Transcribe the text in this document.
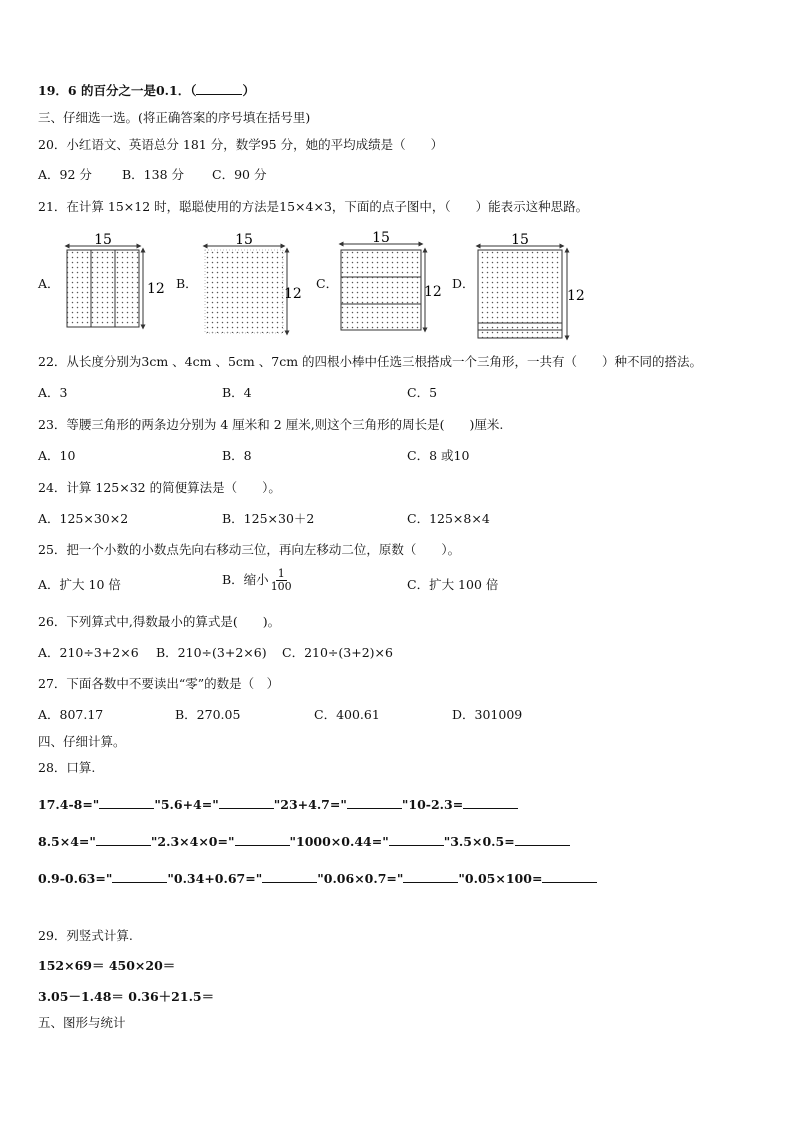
19．6 的百分之一是0.1．（	）
三、仔细选一选。(将正确答案的序号填在括号里)
20．小红语文、英语总分 181 分，数学95 分，她的平均成绩是（　　）
A．92 分 B．138 分 C．90 分
21．在计算 15×12 时，聪聪使用的方法是15×4×3，下面的点子图中，（　　）能表示这种思路。
A．	B．	C．	D．
15
12
15
12
15
12
15
12
22．从长度分别为3cm 、4cm 、5cm 、7cm 的四根小棒中任选三根搭成一个三角形，一共有（　　）种不同的搭法。
A．3	B．4	C．5
23．等腰三角形的两条边分别为 4 厘米和 2 厘米,则这个三角形的周长是(　　)厘米.
A．10	B．8	C．8 或10
24．计算 125×32 的简便算法是（　　）。
A．125×30×2	B．125×30＋2	C．125×8×4
25．把一个小数的小数点先向右移动三位，再向左移动二位，原数（　　）。
A．扩大 10 倍	B．缩小 $\frac{1}{100}$	C．扩大 100 倍
26．下列算式中,得数最小的算式是(　　)。
A．210÷3+2×6 B．210÷(3+2×6) C．210÷(3+2)×6
27．下面各数中不要读出“零”的数是（　）
A．807.17	B．270.05	C．400.61	D．301009
四、仔细计算。
28．口算.
17.4-8="	"5.6+4="	"23+4.7="	"10-2.3=
8.5×4="	"2.3×4×0="	"1000×0.44="	"3.5×0.5=
0.9-0.63="	"0.34+0.67="	"0.06×0.7="	"0.05×100=
29．列竖式计算.
152×69＝ 450×20＝
3.05－1.48＝ 0.36＋21.5＝
五、图形与统计
